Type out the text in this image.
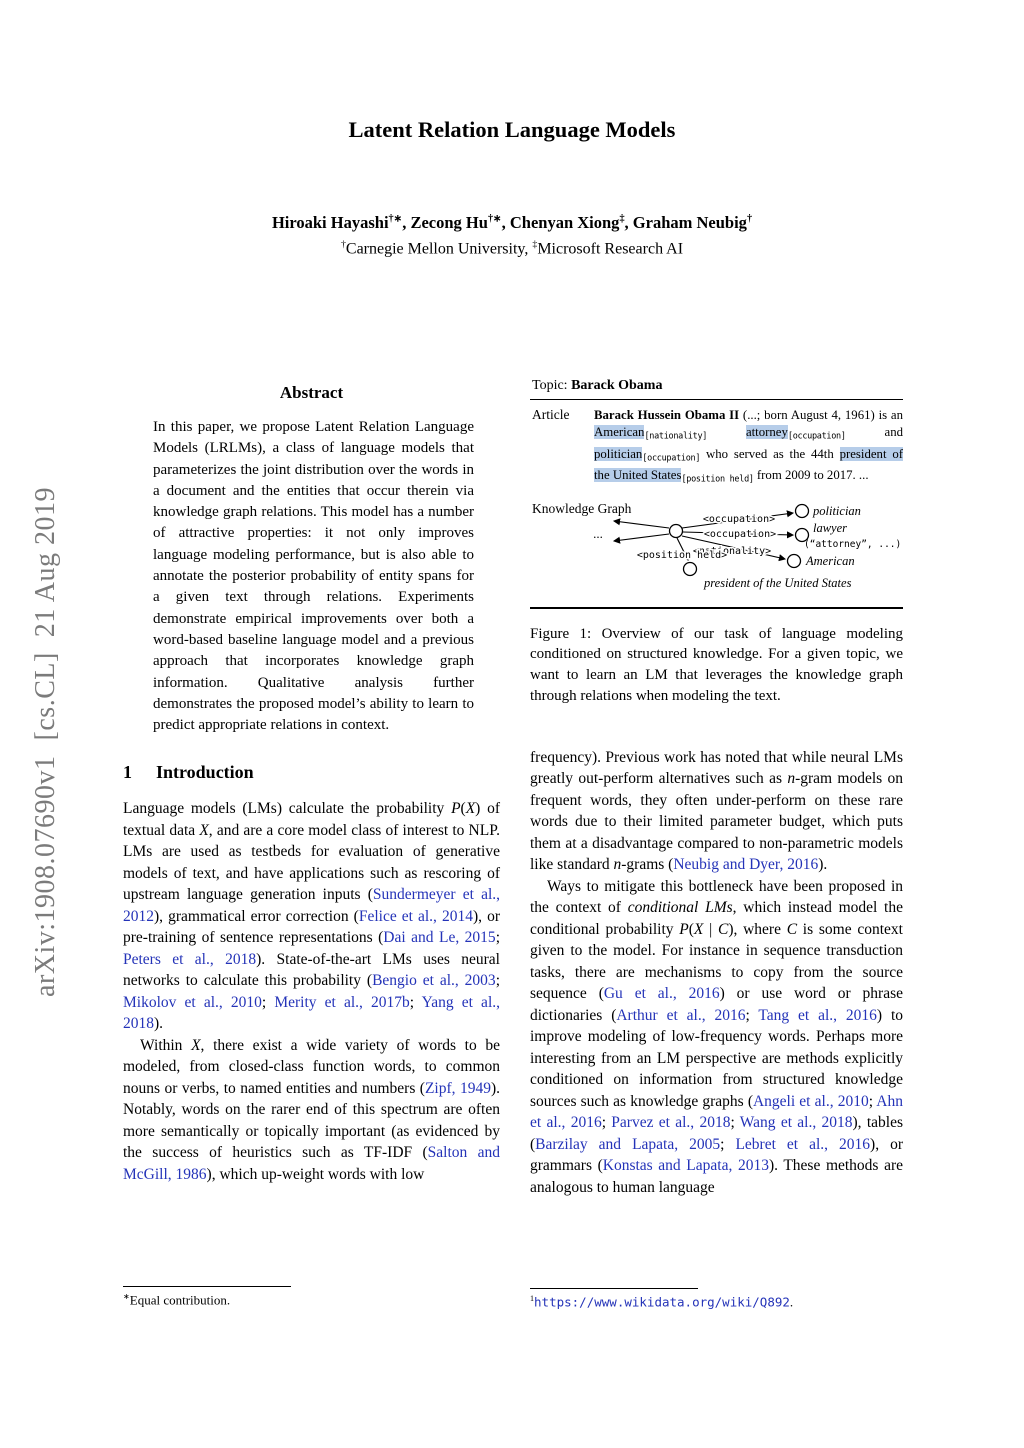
arXiv:1908.07690v1  [cs.CL]  21 Aug 2019
Latent Relation Language Models
Hiroaki Hayashi†∗, Zecong Hu†∗, Chenyan Xiong‡, Graham Neubig†
†Carnegie Mellon University, ‡Microsoft Research AI
Abstract

In this paper, we propose Latent Relation Language Models (LRLMs), a class of language models that parameterizes the joint distribution over the words in a document and the entities that occur therein via knowledge graph relations. This model has a number of attractive properties: it not only improves language modeling performance, but is also able to annotate the posterior probability of entity spans for a given text through relations. Experiments demonstrate empirical improvements over both a word-based baseline language model and a previous approach that incorporates knowledge graph information. Qualitative analysis further demonstrates the proposed model’s ability to learn to predict appropriate relations in context.

1 Introduction

Language models (LMs) calculate the probability P(X) of textual data X, and are a core model class of interest to NLP. LMs are used as testbeds for evaluation of generative models of text, and have applications such as rescoring of upstream language generation inputs (Sundermeyer et al., 2012), grammatical error correction (Felice et al., 2014), or pre-training of sentence representations (Dai and Le, 2015; Peters et al., 2018). State-of-the-art LMs uses neural networks to calculate this probability (Bengio et al., 2003; Mikolov et al., 2010; Merity et al., 2017b; Yang et al., 2018).

Within X, there exist a wide variety of words to be modeled, from closed-class function words, to common nouns or verbs, to named entities and numbers (Zipf, 1949). Notably, words on the rarer end of this spectrum are often more semantically or topically important (as evidenced by the success of heuristics such as TF-IDF (Salton and McGill, 1986), which up-weight words with low

Topic: Barack Obama
Article	Barack Hussein Obama II (...; born August 4, 1961) is an American[nationality]	attorney[occupation] and politician[occupation] who served as the 44th president of the United States[position held] from 2009 to 2017. ...
Knowledge Graph
...
<occupation>
<occupation>
<nationality>
<position held>
politician
lawyer
(“attorney”, ...)
American
president of the United States

Figure 1: Overview of our task of language modeling conditioned on structured knowledge. For a given topic, we want to learn an LM that leverages the knowledge graph through relations when modeling the text.

frequency). Previous work has noted that while neural LMs greatly out-perform alternatives such as n-gram models on frequent words, they often under-perform on these rare words due to their limited parameter budget, which puts them at a disadvantage compared to non-parametric models like standard n-grams (Neubig and Dyer, 2016).

Ways to mitigate this bottleneck have been proposed in the context of conditional LMs, which instead model the conditional probability P(X | C), where C is some context given to the model. For instance in sequence transduction tasks, there are mechanisms to copy from the source sequence (Gu et al., 2016) or use word or phrase dictionaries (Arthur et al., 2016; Tang et al., 2016) to improve modeling of low-frequency words. Perhaps more interesting from an LM perspective are methods explicitly conditioned on information from structured knowledge sources such as knowledge graphs (Angeli et al., 2010; Ahn et al., 2016; Parvez et al., 2018; Wang et al., 2018), tables (Barzilay and Lapata, 2005; Lebret et al., 2016), or grammars (Konstas and Lapata, 2013). These methods are analogous to human language

∗Equal contribution.	$^1$https://www.wikidata.org/wiki/Q892.
